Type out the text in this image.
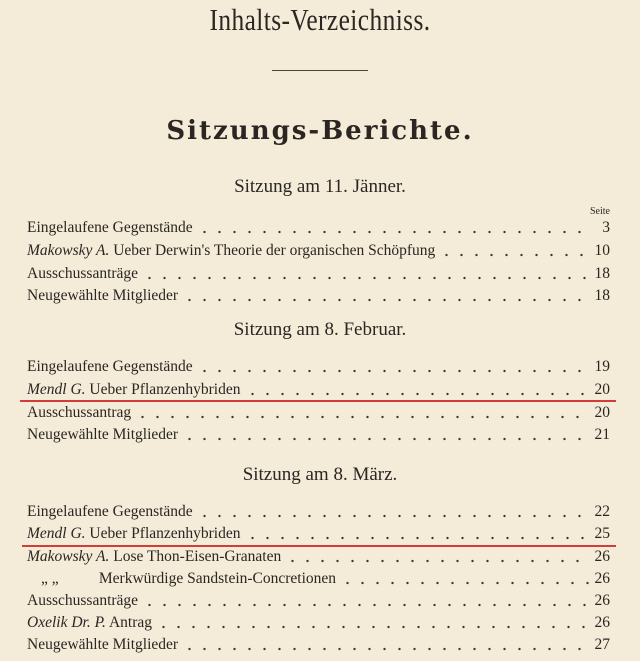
Inhalts-Verzeichniss.
Sitzungs-Berichte.
Sitzung am 11. Jänner.
Seite
Eingelaufene Gegenstände	3
Makowsky A. Ueber Derwin's Theorie der organischen Schöpfung	10
Ausschussanträge	18
Neugewählte Mitglieder	18
Sitzung am 8. Februar.
Eingelaufene Gegenstände	19
Mendl G. Ueber Pflanzenhybriden	20
Ausschussantrag	20
Neugewählte Mitglieder	21
Sitzung am 8. März.
Eingelaufene Gegenstände	22
Mendl G. Ueber Pflanzenhybriden	25
Makowsky A. Lose Thon-Eisen-Granaten	26
„ „	Merkwürdige Sandstein-Concretionen	26
Ausschussanträge	26
Oxelik Dr. P. Antrag	26
Neugewählte Mitglieder	27
